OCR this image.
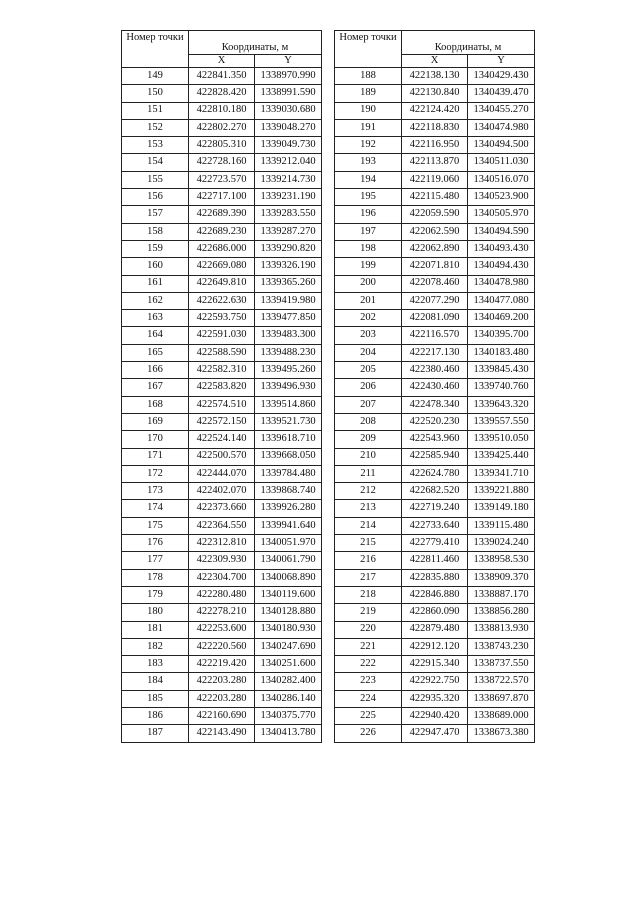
Номер точки	Координаты, м	
	X	Y
149	422841.350	1338970.990
150	422828.420	1338991.590
151	422810.180	1339030.680
152	422802.270	1339048.270
153	422805.310	1339049.730
154	422728.160	1339212.040
155	422723.570	1339214.730
156	422717.100	1339231.190
157	422689.390	1339283.550
158	422689.230	1339287.270
159	422686.000	1339290.820
160	422669.080	1339326.190
161	422649.810	1339365.260
162	422622.630	1339419.980
163	422593.750	1339477.850
164	422591.030	1339483.300
165	422588.590	1339488.230
166	422582.310	1339495.260
167	422583.820	1339496.930
168	422574.510	1339514.860
169	422572.150	1339521.730
170	422524.140	1339618.710
171	422500.570	1339668.050
172	422444.070	1339784.480
173	422402.070	1339868.740
174	422373.660	1339926.280
175	422364.550	1339941.640
176	422312.810	1340051.970
177	422309.930	1340061.790
178	422304.700	1340068.890
179	422280.480	1340119.600
180	422278.210	1340128.880
181	422253.600	1340180.930
182	422220.560	1340247.690
183	422219.420	1340251.600
184	422203.280	1340282.400
185	422203.280	1340286.140
186	422160.690	1340375.770
187	422143.490	1340413.780
Номер точки	Координаты, м	
	X	Y
188	422138.130	1340429.430
189	422130.840	1340439.470
190	422124.420	1340455.270
191	422118.830	1340474.980
192	422116.950	1340494.500
193	422113.870	1340511.030
194	422119.060	1340516.070
195	422115.480	1340523.900
196	422059.590	1340505.970
197	422062.590	1340494.590
198	422062.890	1340493.430
199	422071.810	1340494.430
200	422078.460	1340478.980
201	422077.290	1340477.080
202	422081.090	1340469.200
203	422116.570	1340395.700
204	422217.130	1340183.480
205	422380.460	1339845.430
206	422430.460	1339740.760
207	422478.340	1339643.320
208	422520.230	1339557.550
209	422543.960	1339510.050
210	422585.940	1339425.440
211	422624.780	1339341.710
212	422682.520	1339221.880
213	422719.240	1339149.180
214	422733.640	1339115.480
215	422779.410	1339024.240
216	422811.460	1338958.530
217	422835.880	1338909.370
218	422846.880	1338887.170
219	422860.090	1338856.280
220	422879.480	1338813.930
221	422912.120	1338743.230
222	422915.340	1338737.550
223	422922.750	1338722.570
224	422935.320	1338697.870
225	422940.420	1338689.000
226	422947.470	1338673.380
